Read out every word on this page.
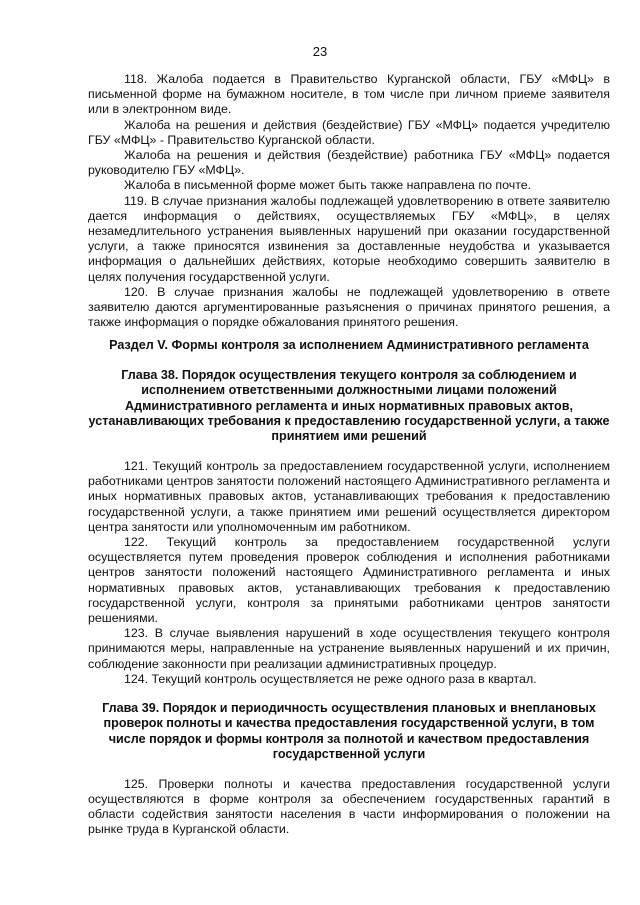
23

118. Жалоба подается в Правительство Курганской области, ГБУ «МФЦ» в письменной форме на бумажном носителе, в том числе при личном приеме заявителя или в электронном виде.

Жалоба на решения и действия (бездействие) ГБУ «МФЦ» подается учредителю ГБУ «МФЦ» - Правительство Курганской области.

Жалоба на решения и действия (бездействие) работника ГБУ «МФЦ» подается руководителю ГБУ «МФЦ».

Жалоба в письменной форме может быть также направлена по почте.

119. В случае признания жалобы подлежащей удовлетворению в ответе заявителю дается информация о действиях, осуществляемых ГБУ «МФЦ», в целях незамедлительного устранения выявленных нарушений при оказании государственной услуги, а также приносятся извинения за доставленные неудобства и указывается информация о дальнейших действиях, которые необходимо совершить заявителю в целях получения государственной услуги.

120. В случае признания жалобы не подлежащей удовлетворению в ответе заявителю даются аргументированные разъяснения о причинах принятого решения, а также информация о порядке обжалования принятого решения.

Раздел V. Формы контроля за исполнением Административного регламента

Глава 38. Порядок осуществления текущего контроля за соблюдением и исполнением ответственными должностными лицами положений Административного регламента и иных нормативных правовых актов, устанавливающих требования к предоставлению государственной услуги, а также принятием ими решений

121. Текущий контроль за предоставлением государственной услуги, исполнением работниками центров занятости положений настоящего Административного регламента и иных нормативных правовых актов, устанавливающих требования к предоставлению государственной услуги, а также принятием ими решений осуществляется директором центра занятости или уполномоченным им работником.

122. Текущий контроль за предоставлением государственной услуги осуществляется путем проведения проверок соблюдения и исполнения работниками центров занятости положений настоящего Административного регламента и иных нормативных правовых актов, устанавливающих требования к предоставлению государственной услуги, контроля за принятыми работниками центров занятости решениями.

123. В случае выявления нарушений в ходе осуществления текущего контроля принимаются меры, направленные на устранение выявленных нарушений и их причин, соблюдение законности при реализации административных процедур.

124. Текущий контроль осуществляется не реже одного раза в квартал.

Глава 39. Порядок и периодичность осуществления плановых и внеплановых проверок полноты и качества предоставления государственной услуги, в том числе порядок и формы контроля за полнотой и качеством предоставления государственной услуги

125. Проверки полноты и качества предоставления государственной услуги осуществляются в форме контроля за обеспечением государственных гарантий в области содействия занятости населения в части информирования о положении на рынке труда в Курганской области.
